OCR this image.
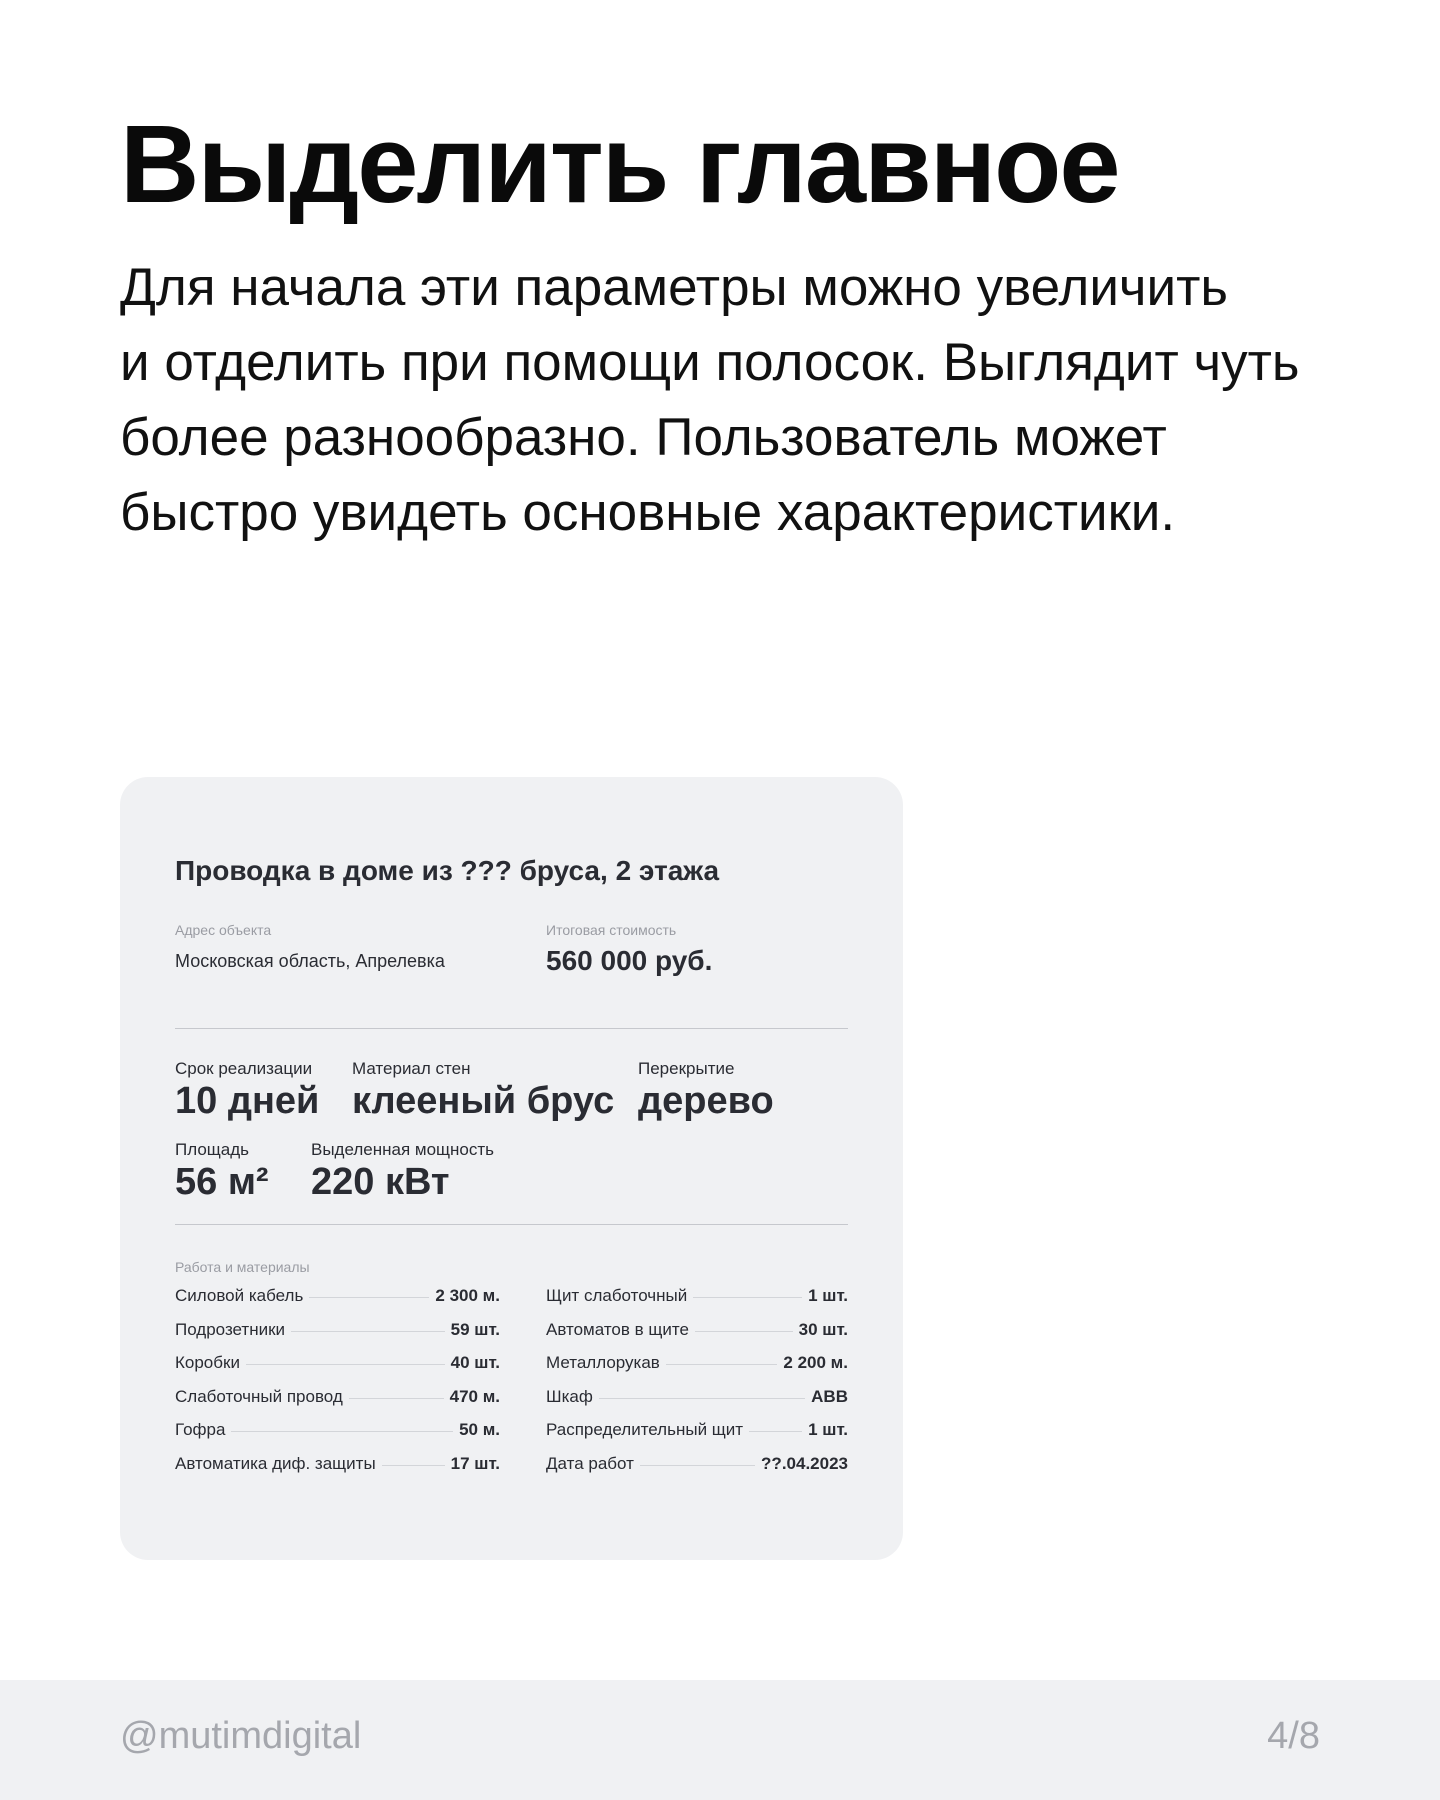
Выделить главное

Для начала эти параметры можно увеличить
и отделить при помощи полосок. Выглядит чуть
более разнообразно. Пользователь может
быстро увидеть основные характеристики.

Проводка в доме из ??? бруса, 2 этажа
Адрес объекта
Московская область, Апрелевка
Итоговая стоимость
560 000 руб.
Срок реализации
10 дней
Материал стен
клееный брус
Перекрытие
дерево
Площадь
56 м²
Выделенная мощность
220 кВт
Работа и материалы
Силовой кабель	2 300 м.
Подрозетники	59 шт.
Коробки	40 шт.
Слаботочный провод	470 м.
Гофра	50 м.
Автоматика диф. защиты	17 шт.
Щит слаботочный	1 шт.
Автоматов в щите	30 шт.
Металлорукав	2 200 м.
Шкаф	ABB
Распределительный щит	1 шт.
Дата работ	??.04.2023
@mutimdigital	4/8
